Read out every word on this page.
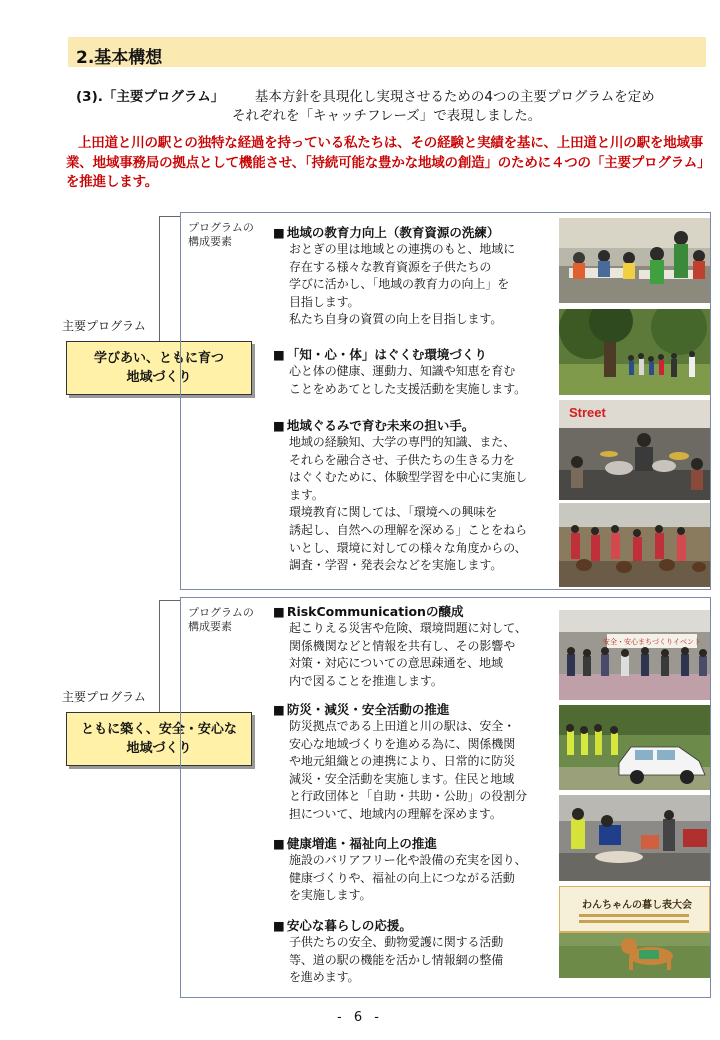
2.基本構想
(3).「主要プログラム」 基本方針を具現化し実現させるための4つの主要プログラムを定め
それぞれを「キャッチフレーズ」で表現しました。
上田道と川の駅との独特な経過を持っている私たちは、その経験と実績を基に、上田道と川の駅を地域事業、地域事務局の拠点として機能させ、「持続可能な豊かな地域の創造」のために４つの「主要プログラム」を推進します。
主要プログラム
学びあい、ともに育つ
地域づくり
プログラムの
構成要素
■ 地域の教育力向上（教育資源の洗練）
おとぎの里は地域との連携のもと、地域に
存在する様々な教育資源を子供たちの
学びに活かし、「地域の教育力の向上」を
目指します。
私たち自身の資質の向上を目指します。
■ 「知・心・体」はぐくむ環境づくり
心と体の健康、運動力、知識や知恵を育む
ことをめあてとした支援活動を実施します。
■ 地域ぐるみで育む未来の担い手。
地域の経験知、大学の専門的知識、また、
それらを融合させ、子供たちの生きる力を
はぐくむために、体験型学習を中心に実施し
ます。
環境教育に関しては、「環境への興味を
誘起し、自然への理解を深める」ことをねら
いとし、環境に対しての様々な角度からの、
調査・学習・発表会などを実施します。
Street
主要プログラム
ともに築く、安全・安心な
地域づくり
プログラムの
構成要素
■ RiskCommunicationの醸成
起こりえる災害や危険、環境問題に対して、
関係機関などと情報を共有し、その影響や
対策・対応についての意思疎通を、地域
内で図ることを推進します。
■ 防災・減災・安全活動の推進
防災拠点である上田道と川の駅は、安全・
安心な地域づくりを進める為に、関係機関
や地元組織との連携により、日常的に防災
減災・安全活動を実施します。住民と地域
と行政団体と「自助・共助・公助」の役割分
担について、地域内の理解を深めます。
■ 健康増進・福祉向上の推進
施設のバリアフリー化や設備の充実を図り、
健康づくりや、福祉の向上につながる活動
を実施します。
■ 安心な暮らしの応援。
子供たちの安全、動物愛護に関する活動
等、道の駅の機能を活かし情報網の整備
を進めます。
安全・安心まちづくりイベント
わんちゃんの暮し表大会
- 6 -
